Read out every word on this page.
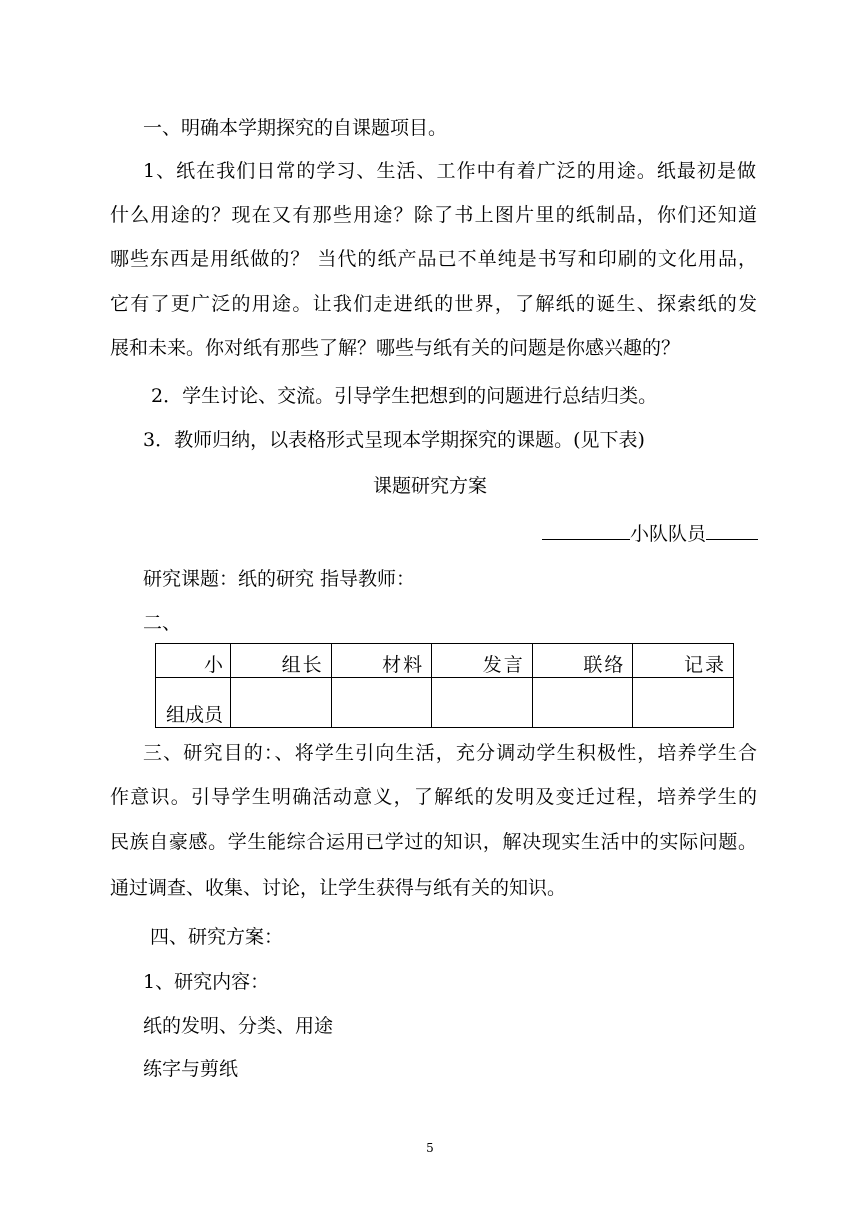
一、明确本学期探究的自课题项目。
1、纸在我们日常的学习、生活、工作中有着广泛的用途。纸最初是做
什么用途的？现在又有那些用途？除了书上图片里的纸制品，你们还知道
哪些东西是用纸做的？ 当代的纸产品已不单纯是书写和印刷的文化用品，
它有了更广泛的用途。让我们走进纸的世界，了解纸的诞生、探索纸的发
展和未来。你对纸有那些了解？哪些与纸有关的问题是你感兴趣的？
2．学生讨论、交流。引导学生把想到的问题进行总结归类。
3．教师归纳，以表格形式呈现本学期探究的课题。(见下表)
课题研究方案
小队队员
研究课题：纸的研究 指导教师：
二、
小	组长	材料	发言	联络	记录
组成员					
三、研究目的：、将学生引向生活，充分调动学生积极性，培养学生合
作意识。引导学生明确活动意义，了解纸的发明及变迁过程，培养学生的
民族自豪感。学生能综合运用已学过的知识，解决现实生活中的实际问题。
通过调查、收集、讨论，让学生获得与纸有关的知识。
四、研究方案：
1、研究内容：
纸的发明、分类、用途
练字与剪纸
5
